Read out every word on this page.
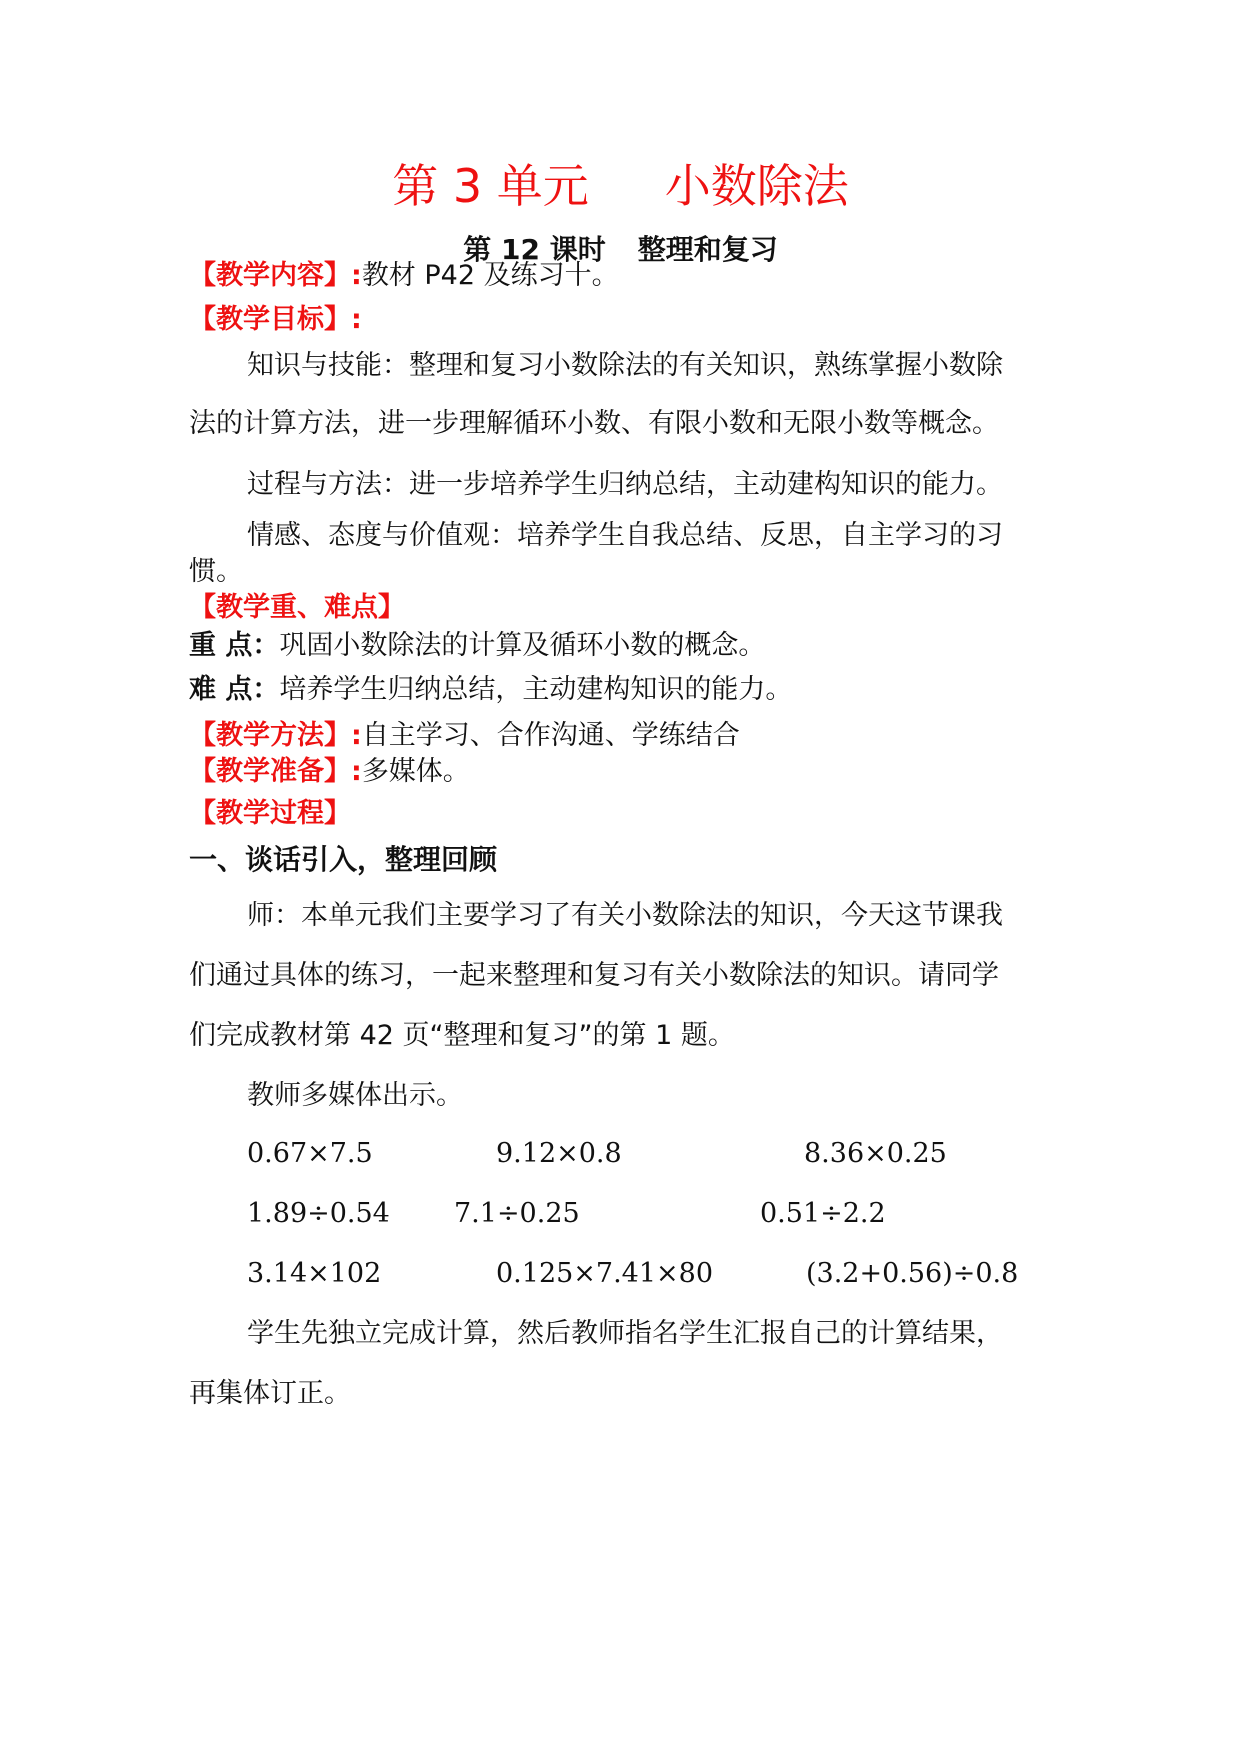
第 3 单元 小数除法
第 12 课时 整理和复习
【教学内容】:教材 P42 及练习十。
【教学目标】:
知识与技能：整理和复习小数除法的有关知识，熟练掌握小数除
法的计算方法，进一步理解循环小数、有限小数和无限小数等概念。
过程与方法：进一步培养学生归纳总结，主动建构知识的能力。
情感、态度与价值观：培养学生自我总结、反思，自主学习的习
惯。
【教学重、难点】
重 点：巩固小数除法的计算及循环小数的概念。
难 点：培养学生归纳总结，主动建构知识的能力。
【教学方法】:自主学习、合作沟通、学练结合
【教学准备】:多媒体。
【教学过程】
一、谈话引入，整理回顾
师：本单元我们主要学习了有关小数除法的知识，今天这节课我
们通过具体的练习，一起来整理和复习有关小数除法的知识。请同学
们完成教材第 42 页“整理和复习”的第 1 题。
教师多媒体出示。
0.67×7.5	9.12×0.8	8.36×0.25
1.89÷0.54 7.1÷0.25	0.51÷2.2
3.14×102	0.125×7.41×80	(3.2+0.56)÷0.8
学生先独立完成计算，然后教师指名学生汇报自己的计算结果，
再集体订正。
